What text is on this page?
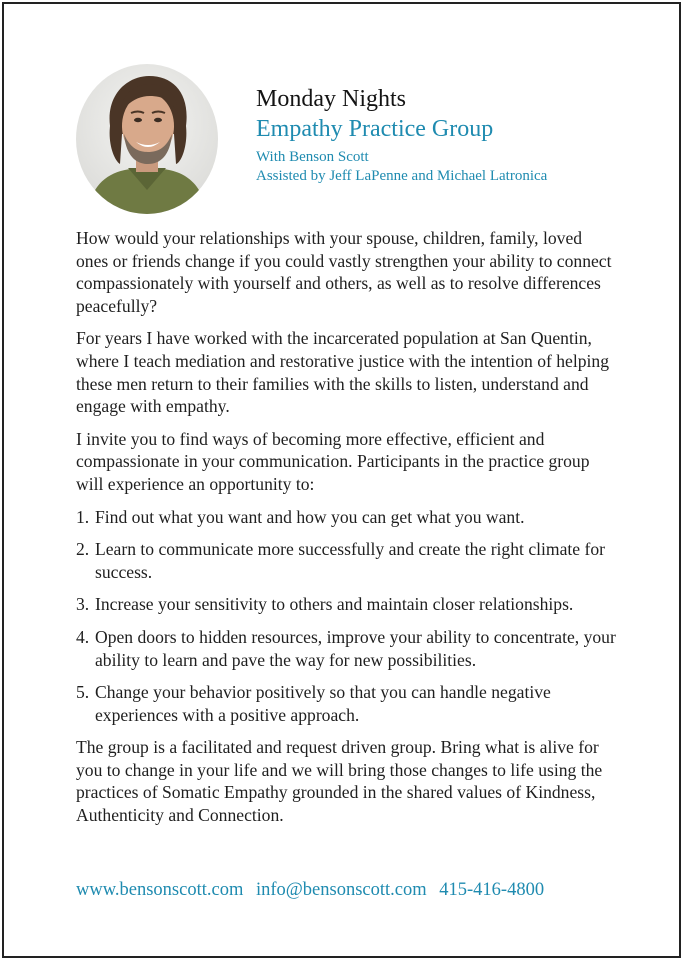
Monday Nights
Empathy Practice Group
With Benson Scott
Assisted by Jeff LaPenne and Michael Latronica

How would your relationships with your spouse, children, family, loved ones or friends change if you could vastly strengthen your ability to connect compassionately with yourself and others, as well as to resolve differences peacefully?

For years I have worked with the incarcerated population at San Quentin, where I teach mediation and restorative justice with the intention of helping these men return to their families with the skills to listen, understand and engage with empathy.

I invite you to find ways of becoming more effective, efficient and compassionate in your communication. Participants in the practice group will experience an opportunity to:

1. Find out what you want and how you can get what you want.
2. Learn to communicate more successfully and create the right climate for success.
3. Increase your sensitivity to others and maintain closer relationships.
4. Open doors to hidden resources, improve your ability to concentrate, your ability to learn and pave the way for new possibilities.
5. Change your behavior positively so that you can handle negative experiences with a positive approach.

The group is a facilitated and request driven group. Bring what is alive for you to change in your life and we will bring those changes to life using the practices of Somatic Empathy grounded in the shared values of Kindness, Authenticity and Connection.

www.bensonscott.com info@bensonscott.com 415-416-4800
